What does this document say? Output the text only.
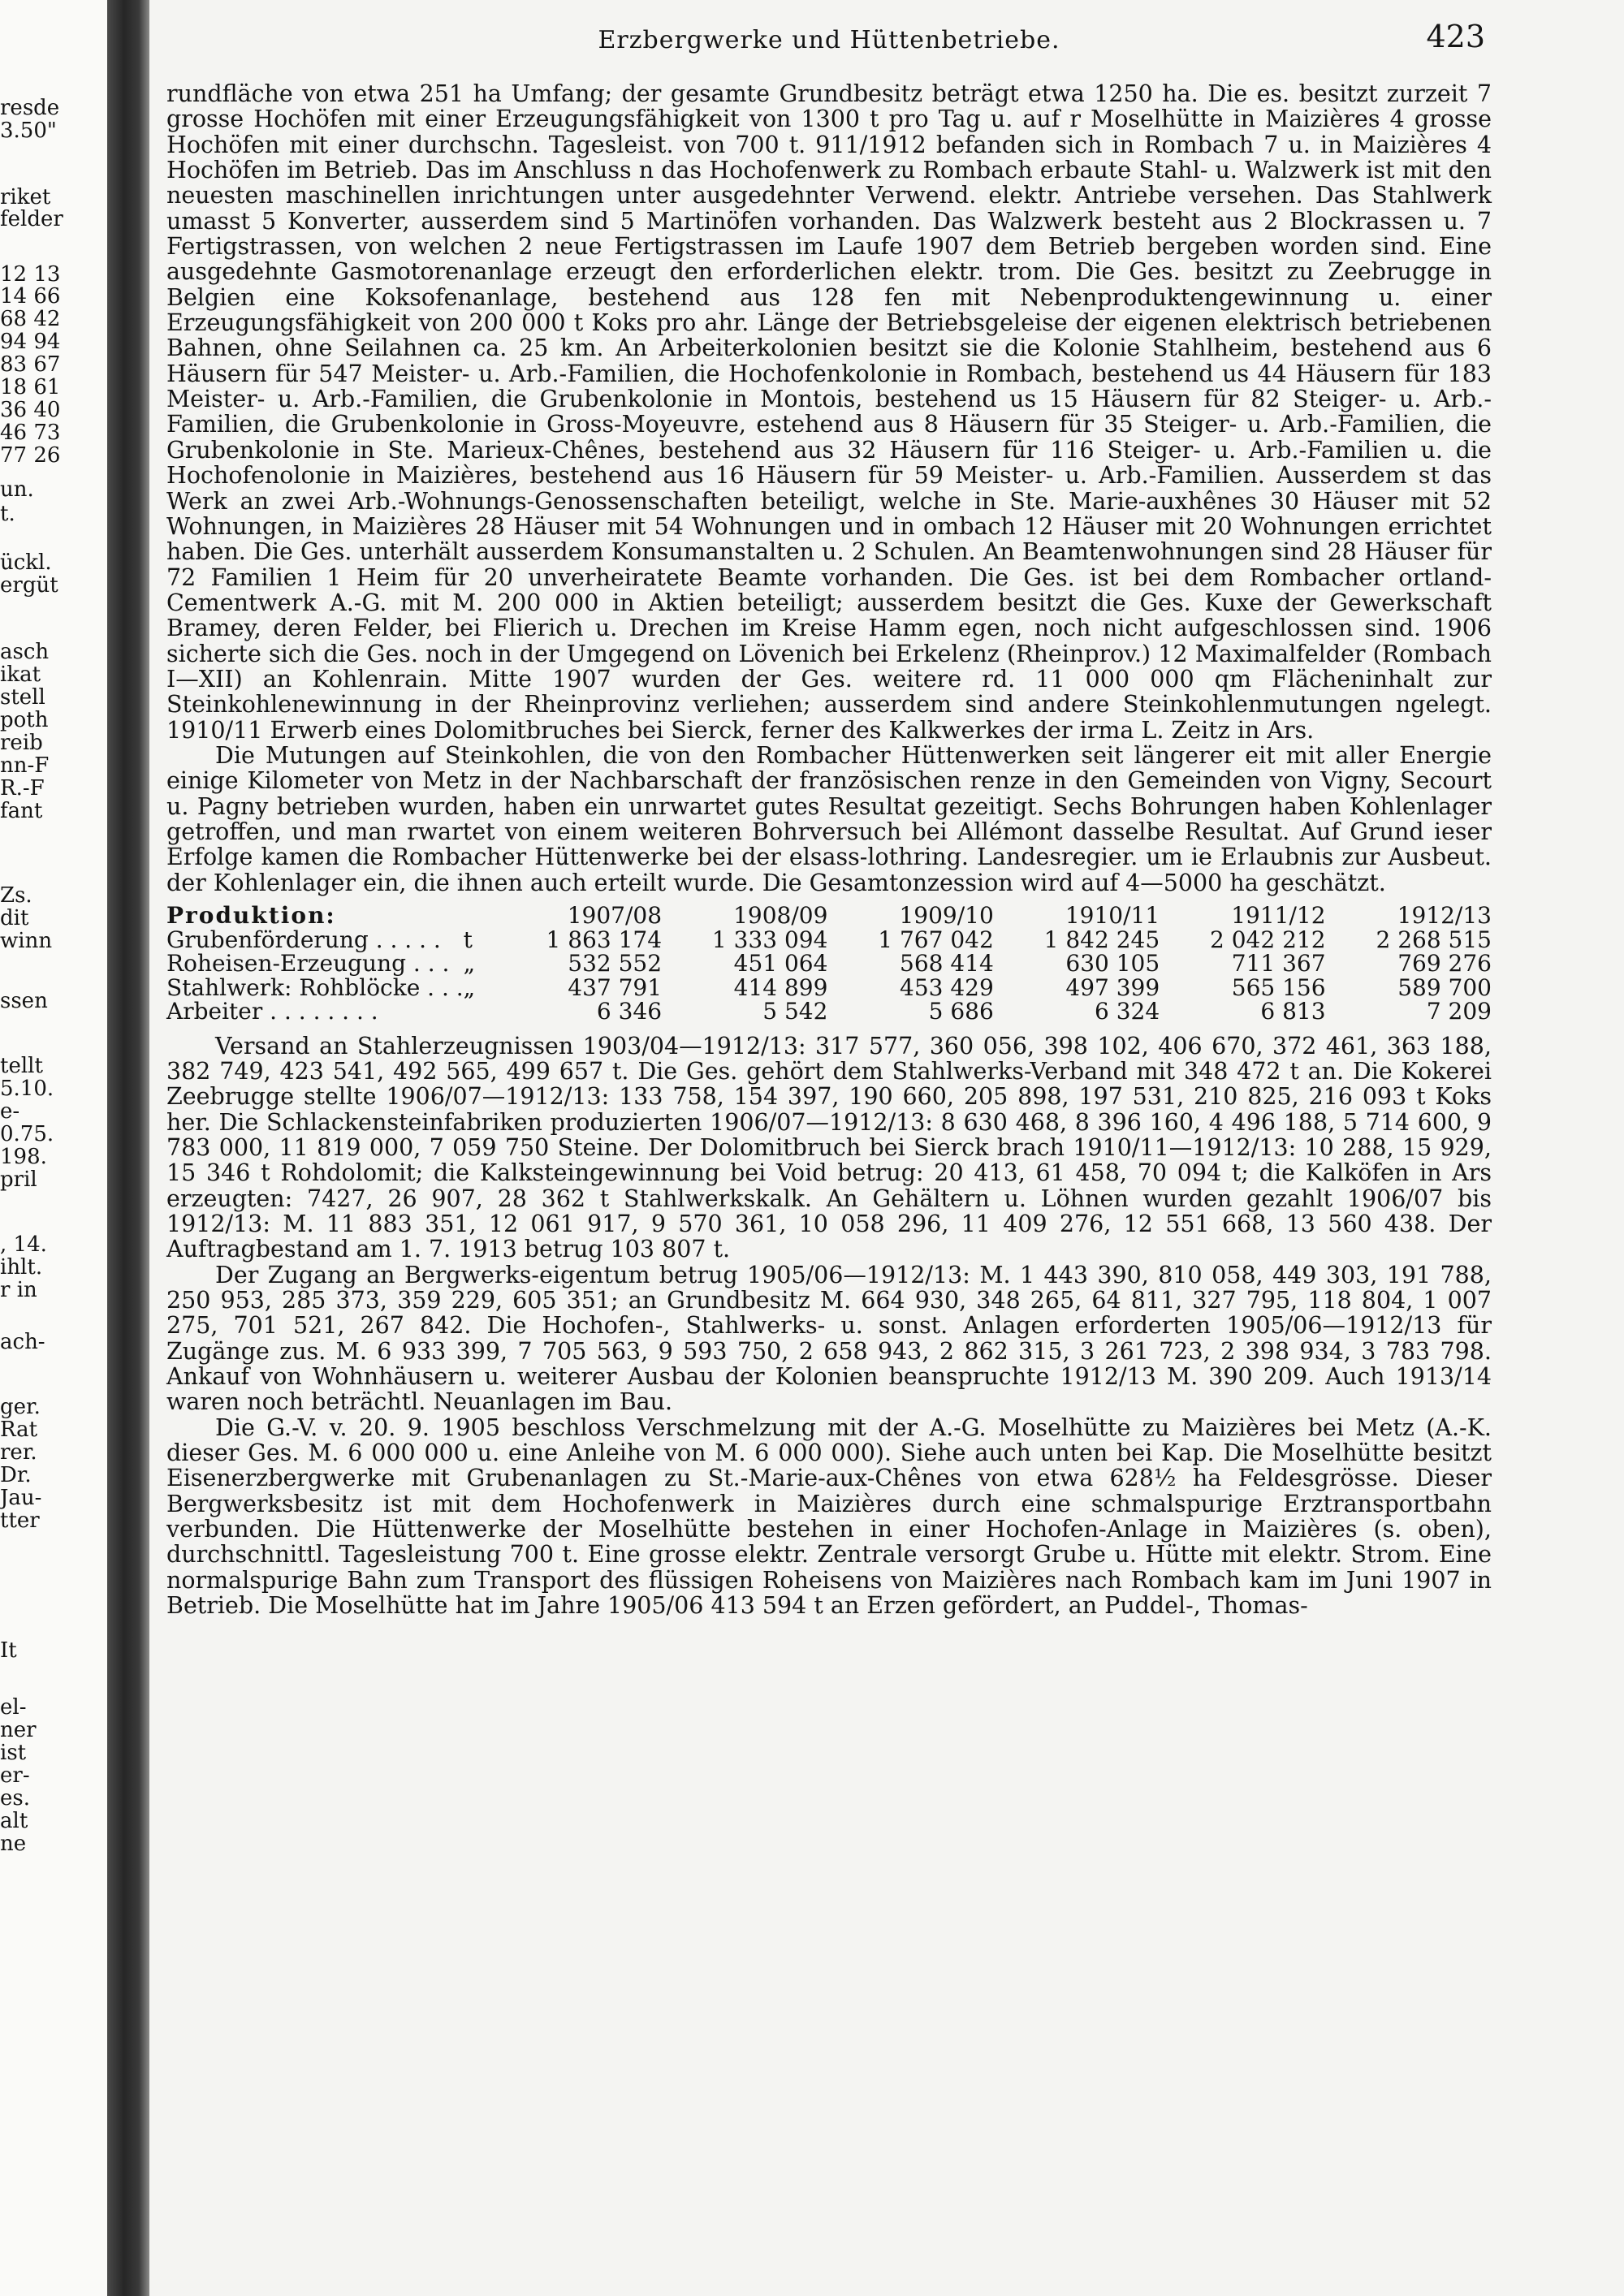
resde
3.50"
riket
felder
12 13
14 66
68 42
94 94
83 67
18 61
36 40
46 73
77 26
un.
t.
ückl.
ergüt
asch
ikat
stell
poth
reib
nn-F
R.-F
fant
Zs.
dit
winn
ssen
tellt
5.10.
e-
0.75.
198.
pril
, 14.
ihlt.
r in
ach-
ger.
Rat
rer.
Dr.
Jau-
tter
It
el-
ner
ist
er-
es.
alt
ne
Erzbergwerke und Hüttenbetriebe.	423

rundfläche von etwa 251 ha Umfang; der gesamte Grundbesitz beträgt etwa 1250 ha. Die es. besitzt zurzeit 7 grosse Hochöfen mit einer Erzeugungsfähigkeit von 1300 t pro Tag u. auf r Moselhütte in Maizières 4 grosse Hochöfen mit einer durchschn. Tagesleist. von 700 t. 911/1912 befanden sich in Rombach 7 u. in Maizières 4 Hochöfen im Betrieb. Das im Anschluss n das Hochofenwerk zu Rombach erbaute Stahl- u. Walzwerk ist mit den neuesten maschinellen inrichtungen unter ausgedehnter Verwend. elektr. Antriebe versehen. Das Stahlwerk umasst 5 Konverter, ausserdem sind 5 Martinöfen vorhanden. Das Walzwerk besteht aus 2 Blockrassen u. 7 Fertigstrassen, von welchen 2 neue Fertigstrassen im Laufe 1907 dem Betrieb bergeben worden sind. Eine ausgedehnte Gasmotorenanlage erzeugt den erforderlichen elektr. trom. Die Ges. besitzt zu Zeebrugge in Belgien eine Koksofenanlage, bestehend aus 128 fen mit Nebenproduktengewinnung u. einer Erzeugungsfähigkeit von 200 000 t Koks pro ahr. Länge der Betriebsgeleise der eigenen elektrisch betriebenen Bahnen, ohne Seilahnen ca. 25 km. An Arbeiterkolonien besitzt sie die Kolonie Stahlheim, bestehend aus 6 Häusern für 547 Meister- u. Arb.-Familien, die Hochofenkolonie in Rombach, bestehend us 44 Häusern für 183 Meister- u. Arb.-Familien, die Grubenkolonie in Montois, bestehend us 15 Häusern für 82 Steiger- u. Arb.-Familien, die Grubenkolonie in Gross-Moyeuvre, estehend aus 8 Häusern für 35 Steiger- u. Arb.-Familien, die Grubenkolonie in Ste. Marieux-Chênes, bestehend aus 32 Häusern für 116 Steiger- u. Arb.-Familien u. die Hochofenolonie in Maizières, bestehend aus 16 Häusern für 59 Meister- u. Arb.-Familien. Ausserdem st das Werk an zwei Arb.-Wohnungs-Genossenschaften beteiligt, welche in Ste. Marie-auxhênes 30 Häuser mit 52 Wohnungen, in Maizières 28 Häuser mit 54 Wohnungen und in ombach 12 Häuser mit 20 Wohnungen errichtet haben. Die Ges. unterhält ausserdem Konsumanstalten u. 2 Schulen. An Beamtenwohnungen sind 28 Häuser für 72 Familien 1 Heim für 20 unverheiratete Beamte vorhanden. Die Ges. ist bei dem Rombacher ortland-Cementwerk A.-G. mit M. 200 000 in Aktien beteiligt; ausserdem besitzt die Ges. Kuxe der Gewerkschaft Bramey, deren Felder, bei Flierich u. Drechen im Kreise Hamm egen, noch nicht aufgeschlossen sind. 1906 sicherte sich die Ges. noch in der Umgegend on Lövenich bei Erkelenz (Rheinprov.) 12 Maximalfelder (Rombach I—XII) an Kohlenrain. Mitte 1907 wurden der Ges. weitere rd. 11 000 000 qm Flächeninhalt zur Steinkohlenewinnung in der Rheinprovinz verliehen; ausserdem sind andere Steinkohlenmutungen ngelegt. 1910/11 Erwerb eines Dolomitbruches bei Sierck, ferner des Kalkwerkes der irma L. Zeitz in Ars.

Die Mutungen auf Steinkohlen, die von den Rombacher Hüttenwerken seit längerer eit mit aller Energie einige Kilometer von Metz in der Nachbarschaft der französischen renze in den Gemeinden von Vigny, Secourt u. Pagny betrieben wurden, haben ein unrwartet gutes Resultat gezeitigt. Sechs Bohrungen haben Kohlenlager getroffen, und man rwartet von einem weiteren Bohrversuch bei Allémont dasselbe Resultat. Auf Grund ieser Erfolge kamen die Rombacher Hüttenwerke bei der elsass-lothring. Landesregier. um ie Erlaubnis zur Ausbeut. der Kohlenlager ein, die ihnen auch erteilt wurde. Die Gesamtonzession wird auf 4—5000 ha geschätzt.

Produktion:		1907/08	1908/09	1909/10	1910/11	1911/12	1912/13
Grubenförderung . . . . .	t	1 863 174	1 333 094	1 767 042	1 842 245	2 042 212	2 268 515
Roheisen-Erzeugung . . .	„	532 552	451 064	568 414	630 105	711 367	769 276
Stahlwerk: Rohblöcke . . .	„	437 791	414 899	453 429	497 399	565 156	589 700
Arbeiter . . . . . . . .		6 346	5 542	5 686	6 324	6 813	7 209

Versand an Stahlerzeugnissen 1903/04—1912/13: 317 577, 360 056, 398 102, 406 670, 372 461, 363 188, 382 749, 423 541, 492 565, 499 657 t. Die Ges. gehört dem Stahlwerks-Verband mit 348 472 t an. Die Kokerei Zeebrugge stellte 1906/07—1912/13: 133 758, 154 397, 190 660, 205 898, 197 531, 210 825, 216 093 t Koks her. Die Schlackensteinfabriken produzierten 1906/07—1912/13: 8 630 468, 8 396 160, 4 496 188, 5 714 600, 9 783 000, 11 819 000, 7 059 750 Steine. Der Dolomitbruch bei Sierck brach 1910/11—1912/13: 10 288, 15 929, 15 346 t Rohdolomit; die Kalksteingewinnung bei Void betrug: 20 413, 61 458, 70 094 t; die Kalköfen in Ars erzeugten: 7427, 26 907, 28 362 t Stahlwerkskalk. An Gehältern u. Löhnen wurden gezahlt 1906/07 bis 1912/13: M. 11 883 351, 12 061 917, 9 570 361, 10 058 296, 11 409 276, 12 551 668, 13 560 438. Der Auftragbestand am 1. 7. 1913 betrug 103 807 t.

Der Zugang an Bergwerks-eigentum betrug 1905/06—1912/13: M. 1 443 390, 810 058, 449 303, 191 788, 250 953, 285 373, 359 229, 605 351; an Grundbesitz M. 664 930, 348 265, 64 811, 327 795, 118 804, 1 007 275, 701 521, 267 842. Die Hochofen-, Stahlwerks- u. sonst. Anlagen erforderten 1905/06—1912/13 für Zugänge zus. M. 6 933 399, 7 705 563, 9 593 750, 2 658 943, 2 862 315, 3 261 723, 2 398 934, 3 783 798. Ankauf von Wohnhäusern u. weiterer Ausbau der Kolonien beanspruchte 1912/13 M. 390 209. Auch 1913/14 waren noch beträchtl. Neuanlagen im Bau.

Die G.-V. v. 20. 9. 1905 beschloss Verschmelzung mit der A.-G. Moselhütte zu Maizières bei Metz (A.-K. dieser Ges. M. 6 000 000 u. eine Anleihe von M. 6 000 000). Siehe auch unten bei Kap. Die Moselhütte besitzt Eisenerzbergwerke mit Grubenanlagen zu St.-Marie-aux-Chênes von etwa 628½ ha Feldesgrösse. Dieser Bergwerksbesitz ist mit dem Hochofenwerk in Maizières durch eine schmalspurige Erztransportbahn verbunden. Die Hüttenwerke der Moselhütte bestehen in einer Hochofen-Anlage in Maizières (s. oben), durchschnittl. Tagesleistung 700 t. Eine grosse elektr. Zentrale versorgt Grube u. Hütte mit elektr. Strom. Eine normalspurige Bahn zum Transport des flüssigen Roheisens von Maizières nach Rombach kam im Juni 1907 in Betrieb. Die Moselhütte hat im Jahre 1905/06 413 594 t an Erzen gefördert, an Puddel-, Thomas-
